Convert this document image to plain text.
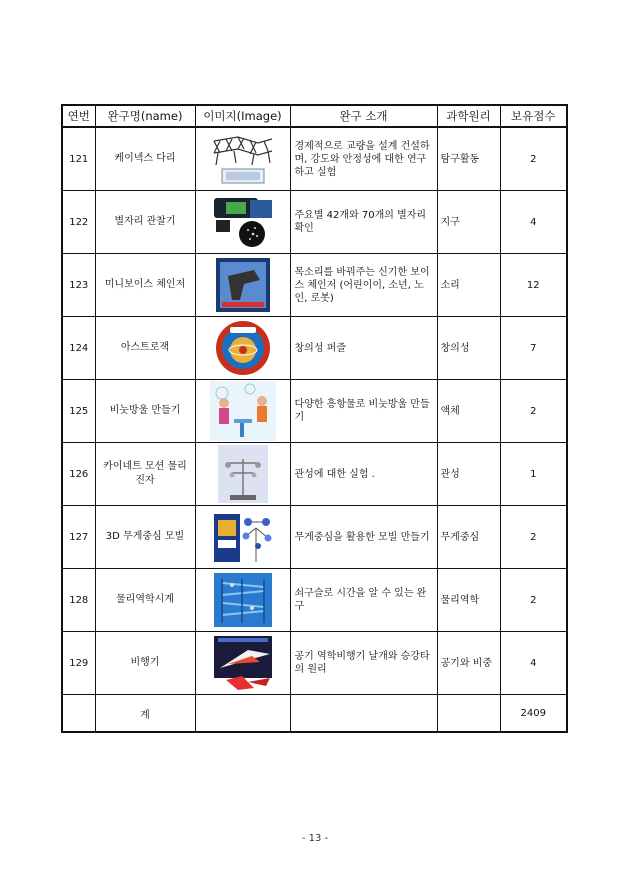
연번	완구명(name)	이미지(Image)	완구 소개	과학원리	보유점수
121	케이넥스 다리		경제적으로 교량을 설계 건설하며, 강도와 안정성에 대한 연구하고 실험	탐구활동	2
122	별자리 관찰기		주요별 42개와 70개의 별자리 확인	지구	4
123	미니보이스 체인저		목소리를 바꿔주는 신기한 보이스 체인저 (어린이이, 소년, 노인, 로봇)	소리	12
124	아스트로잭		창의성 퍼즐	창의성	7
125	비눗방울 만들기		다양한 흥항물로 비눗방울 만들기	액체	2
126	카이네트 모션 물리 진자		관성에 대한 실험 .	관성	1
127	3D 무게중심 모빌		무게중심을 활용한 모빌 만들기	무게중심	2
128	물리역학시계		쇠구슬로 시간을 알 수 있는 완구	물리역학	2
129	비행기		공기 역학비행기 날개와 승강타의 원리	공기와 비중	4
	계				2409
- 13 -
